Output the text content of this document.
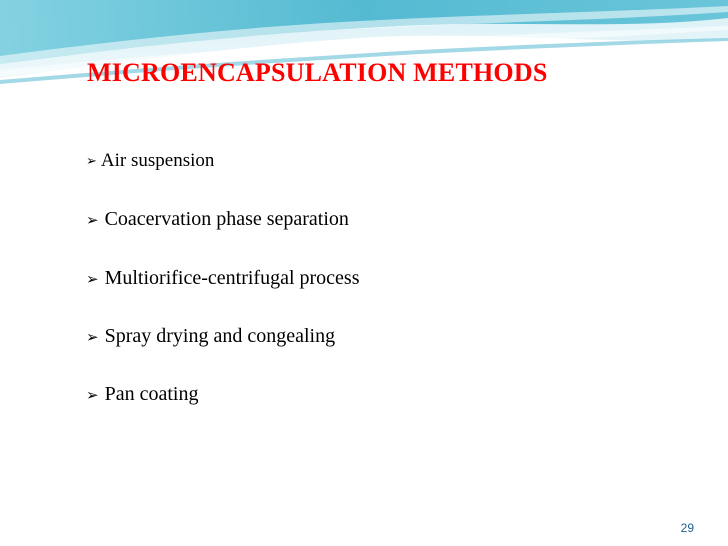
MICROENCAPSULATION METHODS
➢ Air suspension
➢ Coacervation phase separation
➢ Multiorifice-centrifugal process
➢ Spray drying and congealing
➢ Pan coating
29
